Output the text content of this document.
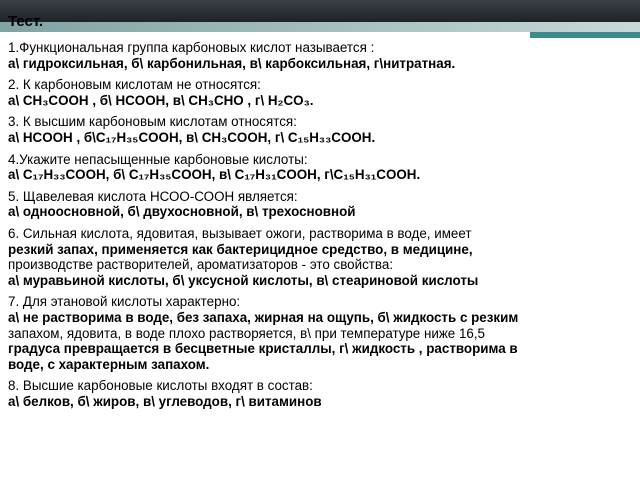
Тест.
1.Функциональная группа карбоновых кислот называется :
а\ гидроксильная, б\ карбонильная, в\ карбоксильная, г\нитратная.
2. К карбоновым кислотам не относятся:
а\ CH₃COOH , б\ HCOOH, в\ CH₃CHO , г\ H₂CO₃.
3. К высшим карбоновым кислотам относятся:
а\ HCOOH , б\C₁₇H₃₅COOH, в\ CH₃COOH, г\ C₁₅H₃₃COOH.
4.Укажите непасыщенные карбоновые кислоты:
а\ C₁₇H₃₃COOH, б\ C₁₇H₃₅COOH, в\ C₁₇H₃₁COOH, г\C₁₅H₃₁COOH.
5. Щавелевая кислота НСОО-СООН является:
а\ одноосновной, б\ двухосновной, в\ трехосновной
6. Сильная кислота, ядовитая, вызывает ожоги, растворима в воде, имеет
резкий запах, применяется как бактерицидное средство, в медицине,
производстве растворителей, ароматизаторов - это свойства:
а\ муравьиной кислоты, б\ уксусной кислоты, в\ стеариновой кислоты
7. Для этановой кислоты характерно:
а\ не растворима в воде, без запаха, жирная на ощупь, б\ жидкость с резким
запахом, ядовита, в воде плохо растворяется, в\ при температуре ниже 16,5
градуса превращается в бесцветные кристаллы, г\ жидкость , растворима в
воде, с характерным запахом.
8. Высшие карбоновые кислоты входят в состав:
а\ белков, б\ жиров, в\ углеводов, г\ витаминов
